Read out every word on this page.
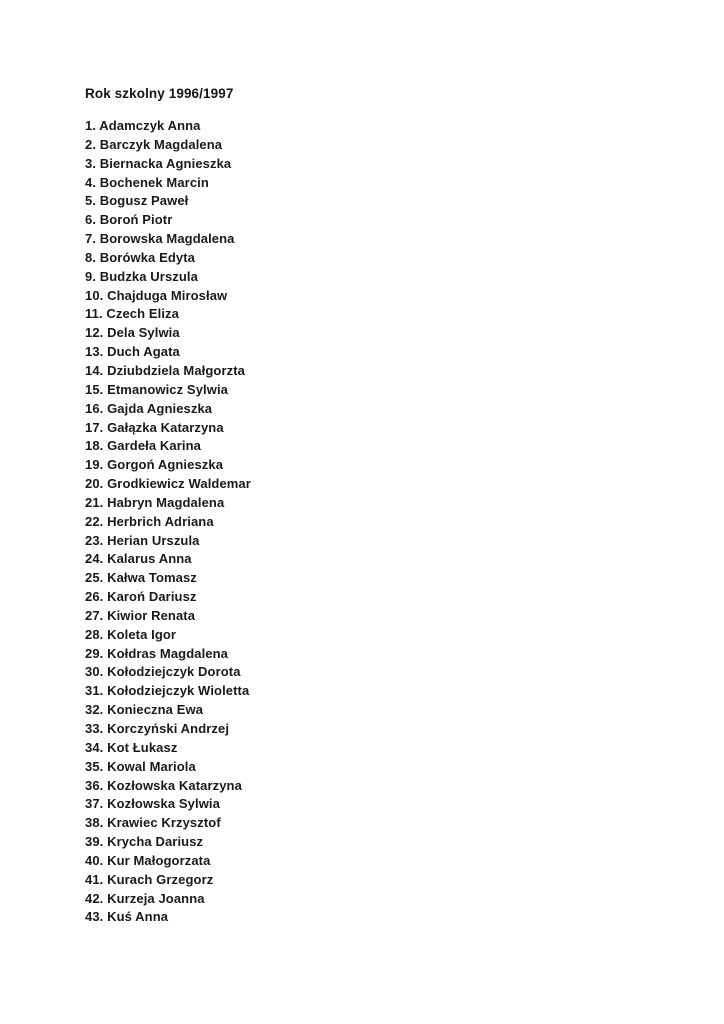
Rok szkolny 1996/1997
1. Adamczyk Anna
2. Barczyk Magdalena
3. Biernacka Agnieszka
4. Bochenek Marcin
5. Bogusz Paweł
6. Boroń Piotr
7. Borowska Magdalena
8. Borówka Edyta
9. Budzka Urszula
10. Chajduga Mirosław
11. Czech Eliza
12. Dela Sylwia
13. Duch Agata
14. Dziubdziela Małgorzta
15. Etmanowicz Sylwia
16. Gajda Agnieszka
17. Gałązka Katarzyna
18. Gardeła Karina
19. Gorgoń Agnieszka
20. Grodkiewicz Waldemar
21. Habryn Magdalena
22. Herbrich Adriana
23. Herian Urszula
24. Kalarus Anna
25. Kałwa Tomasz
26. Karoń Dariusz
27. Kiwior Renata
28. Koleta Igor
29. Kołdras Magdalena
30. Kołodziejczyk Dorota
31. Kołodziejczyk Wioletta
32. Konieczna Ewa
33. Korczyński Andrzej
34. Kot Łukasz
35. Kowal Mariola
36. Kozłowska Katarzyna
37. Kozłowska Sylwia
38. Krawiec Krzysztof
39. Krycha Dariusz
40. Kur Małogorzata
41. Kurach Grzegorz
42. Kurzeja Joanna
43. Kuś Anna
